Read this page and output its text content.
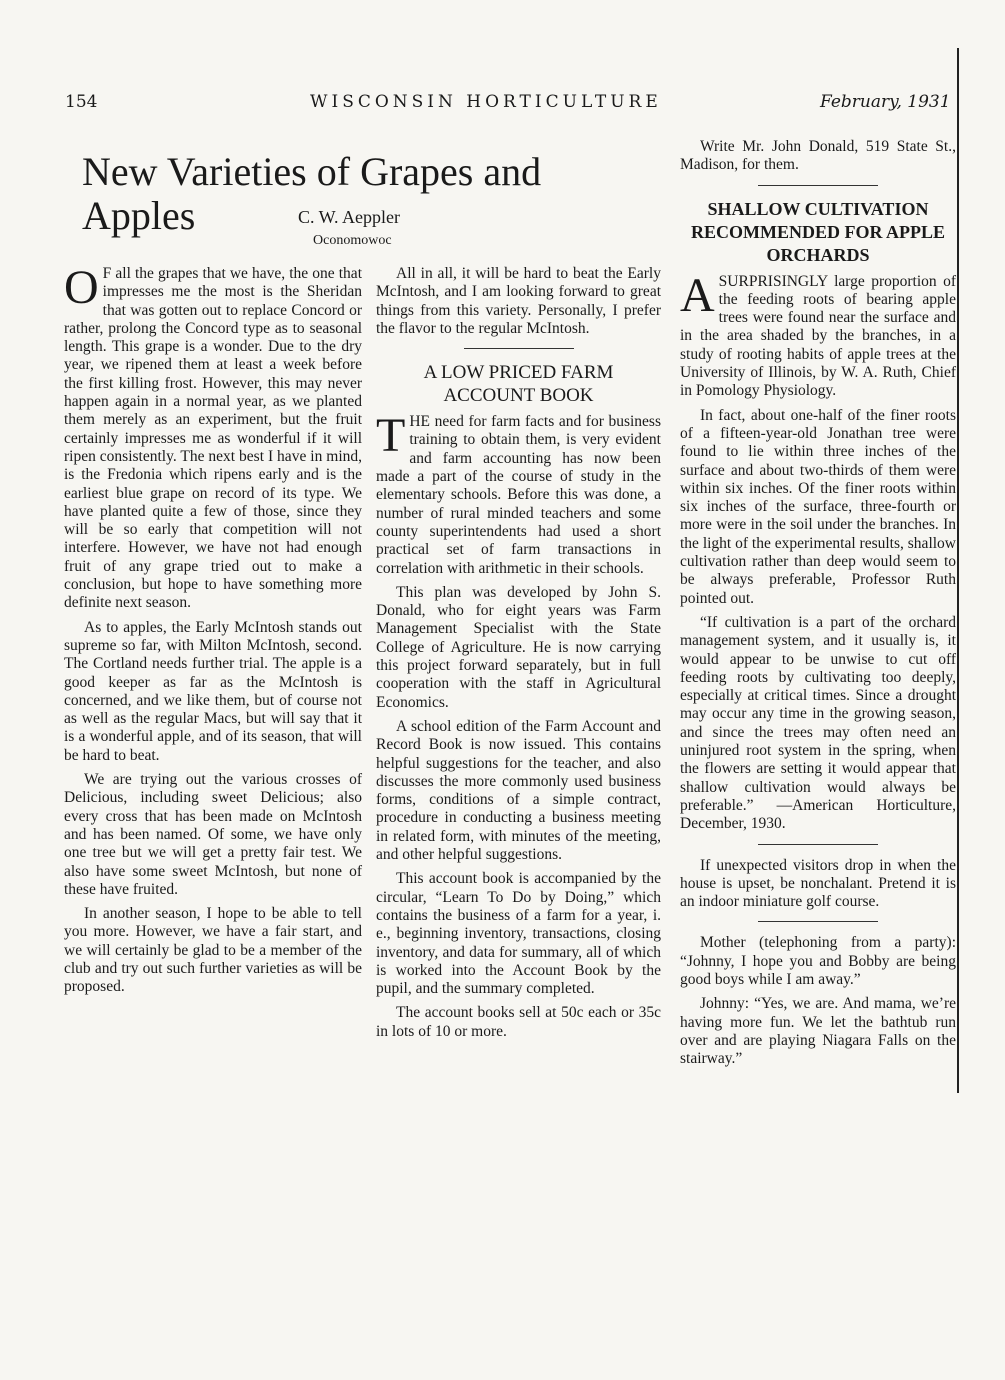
154	WISCONSIN HORTICULTURE	February, 1931
New Varieties of Grapes and Apples	C. W. Aeppler
Oconomowoc

O F all the grapes that we have, the one that impresses me the most is the Sheridan that was gotten out to replace Concord or rather, prolong the Concord type as to seasonal length. This grape is a wonder. Due to the dry year, we ripened them at least a week before the first killing frost. However, this may never happen again in a normal year, as we planted them merely as an experiment, but the fruit certainly impresses me as wonderful if it will ripen consistently. The next best I have in mind, is the Fredonia which ripens early and is the earliest blue grape on record of its type. We have planted quite a few of those, since they will be so early that competition will not interfere. However, we have not had enough fruit of any grape tried out to make a conclusion, but hope to have something more definite next season.

As to apples, the Early McIntosh stands out supreme so far, with Milton McIntosh, second. The Cortland needs further trial. The apple is a good keeper as far as the McIntosh is concerned, and we like them, but of course not as well as the regular Macs, but will say that it is a wonderful apple, and of its season, that will be hard to beat.

We are trying out the various crosses of Delicious, including sweet Delicious; also every cross that has been made on McIntosh and has been named. Of some, we have only one tree but we will get a pretty fair test. We also have some sweet McIntosh, but none of these have fruited.

In another season, I hope to be able to tell you more. However, we have a fair start, and we will certainly be glad to be a member of the club and try out such further varieties as will be proposed.

All in all, it will be hard to beat the Early McIntosh, and I am looking forward to great things from this variety. Personally, I prefer the flavor to the regular McIntosh.

A LOW PRICED FARM ACCOUNT BOOK

THE need for farm facts and for business training to obtain them, is very evident and farm accounting has now been made a part of the course of study in the elementary schools. Before this was done, a number of rural minded teachers and some county superintendents had used a short practical set of farm transactions in correlation with arithmetic in their schools.

This plan was developed by John S. Donald, who for eight years was Farm Management Specialist with the State College of Agriculture. He is now carrying this project forward separately, but in full cooperation with the staff in Agricultural Economics.

A school edition of the Farm Account and Record Book is now issued. This contains helpful suggestions for the teacher, and also discusses the more commonly used business forms, conditions of a simple contract, procedure in conducting a business meeting in related form, with minutes of the meeting, and other helpful suggestions.

This account book is accompanied by the circular, “Learn To Do by Doing,” which contains the business of a farm for a year, i. e., beginning inventory, transactions, closing inventory, and data for summary, all of which is worked into the Account Book by the pupil, and the summary completed.

The account books sell at 50c each or 35c in lots of 10 or more.

Write Mr. John Donald, 519 State St., Madison, for them.

SHALLOW CULTIVATION RECOMMENDED FOR APPLE ORCHARDS

ASURPRISINGLY large proportion of the feeding roots of bearing apple trees were found near the surface and in the area shaded by the branches, in a study of rooting habits of apple trees at the University of Illinois, by W. A. Ruth, Chief in Pomology Physiology.

In fact, about one-half of the finer roots of a fifteen-year-old Jonathan tree were found to lie within three inches of the surface and about two-thirds of them were within six inches. Of the finer roots within six inches of the surface, three-fourth or more were in the soil under the branches. In the light of the experimental results, shallow cultivation rather than deep would seem to be always preferable, Professor Ruth pointed out.

“If cultivation is a part of the orchard management system, and it usually is, it would appear to be unwise to cut off feeding roots by cultivating too deeply, especially at critical times. Since a drought may occur any time in the growing season, and since the trees may often need an uninjured root system in the spring, when the flowers are setting it would appear that shallow cultivation would always be preferable.” —American Horticulture, December, 1930.

If unexpected visitors drop in when the house is upset, be nonchalant. Pretend it is an indoor miniature golf course.

Mother (telephoning from a party): “Johnny, I hope you and Bobby are being good boys while I am away.”

Johnny: “Yes, we are. And mama, we’re having more fun. We let the bathtub run over and are playing Niagara Falls on the stairway.”
